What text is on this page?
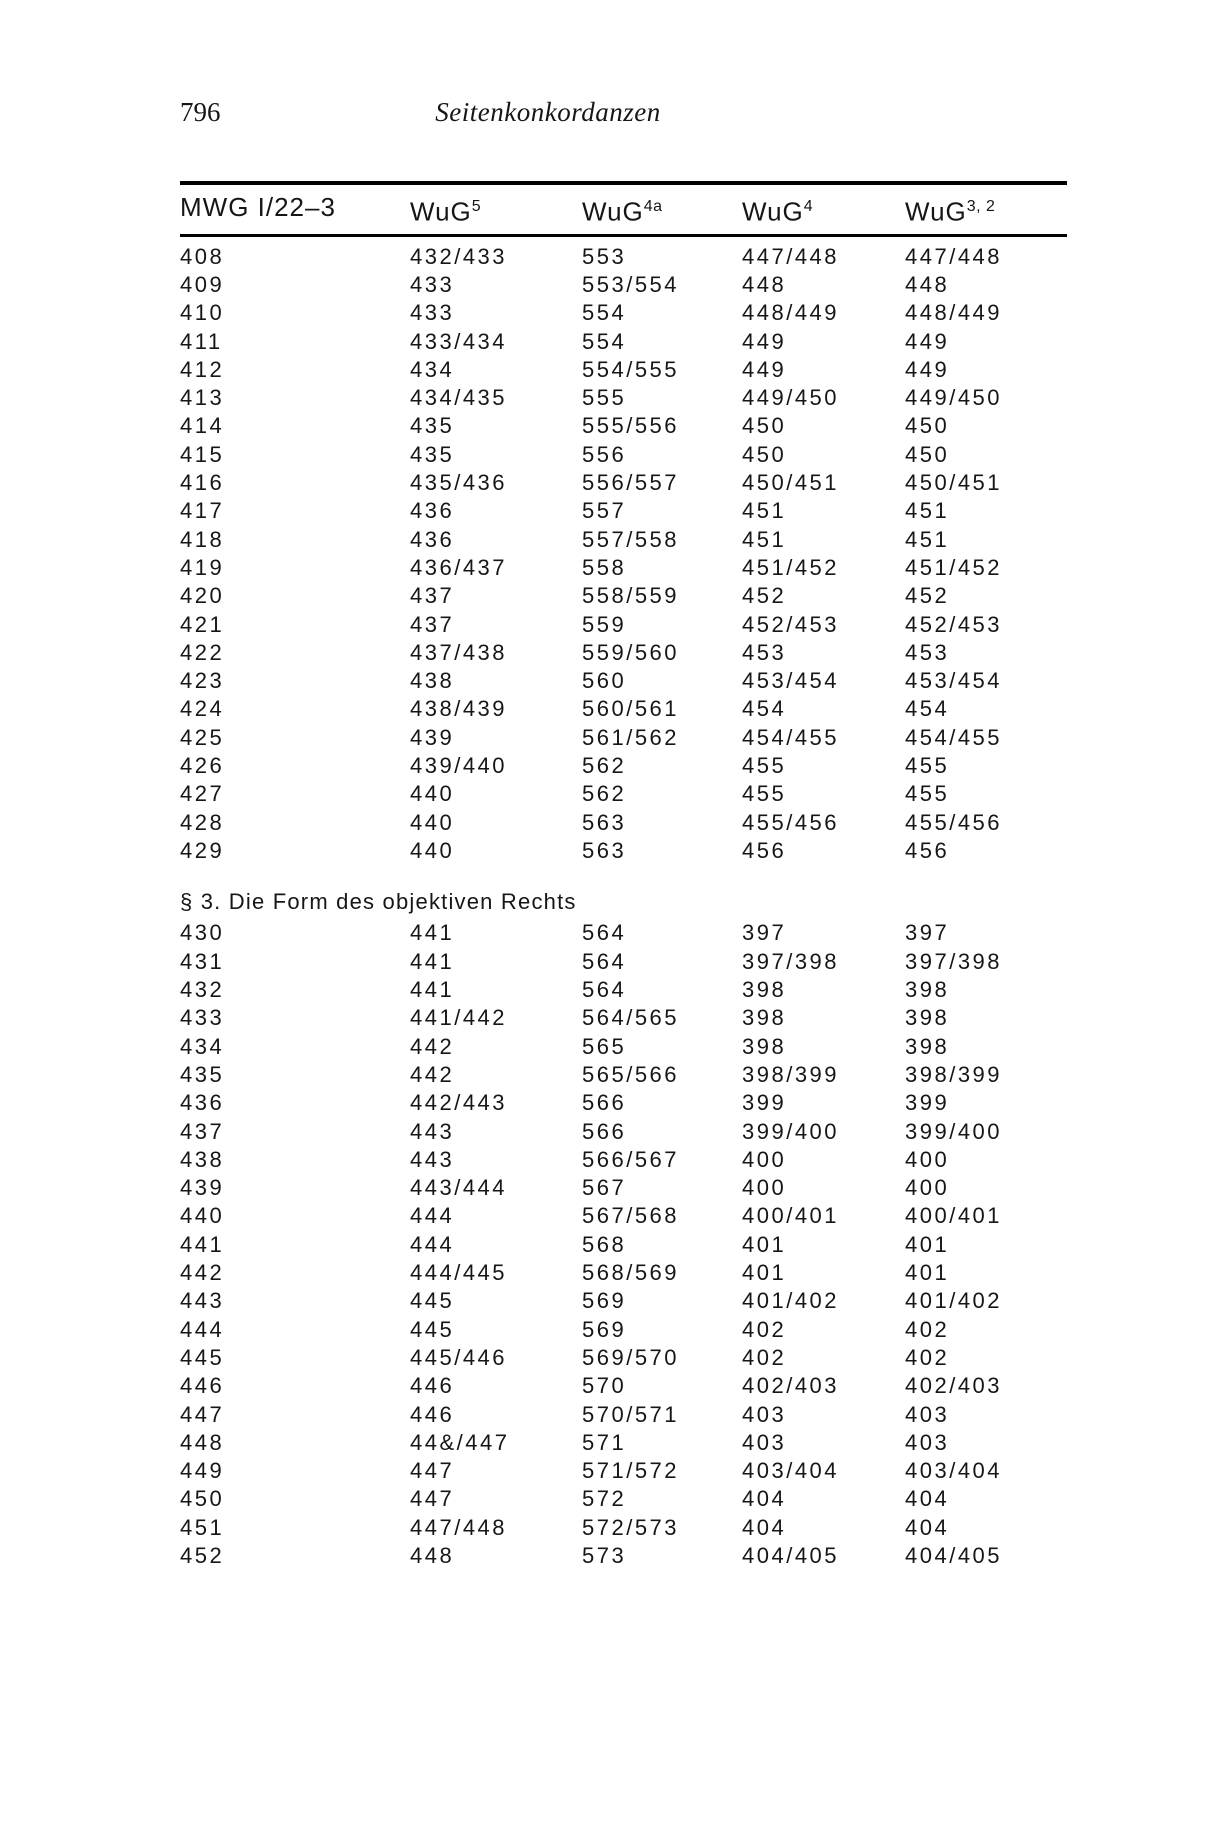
796	Seitenkonkordanzen
MWG I/22–3	WuG$^5$	WuG$^{4a}$	WuG$^4$	WuG$^{3, 2}$
408	432/433	553	447/448	447/448
409	433	553/554	448	448
410	433	554	448/449	448/449
411	433/434	554	449	449
412	434	554/555	449	449
413	434/435	555	449/450	449/450
414	435	555/556	450	450
415	435	556	450	450
416	435/436	556/557	450/451	450/451
417	436	557	451	451
418	436	557/558	451	451
419	436/437	558	451/452	451/452
420	437	558/559	452	452
421	437	559	452/453	452/453
422	437/438	559/560	453	453
423	438	560	453/454	453/454
424	438/439	560/561	454	454
425	439	561/562	454/455	454/455
426	439/440	562	455	455
427	440	562	455	455
428	440	563	455/456	455/456
429	440	563	456	456
§ 3. Die Form des objektiven Rechts
430	441	564	397	397
431	441	564	397/398	397/398
432	441	564	398	398
433	441/442	564/565	398	398
434	442	565	398	398
435	442	565/566	398/399	398/399
436	442/443	566	399	399
437	443	566	399/400	399/400
438	443	566/567	400	400
439	443/444	567	400	400
440	444	567/568	400/401	400/401
441	444	568	401	401
442	444/445	568/569	401	401
443	445	569	401/402	401/402
444	445	569	402	402
445	445/446	569/570	402	402
446	446	570	402/403	402/403
447	446	570/571	403	403
448	44&/447	571	403	403
449	447	571/572	403/404	403/404
450	447	572	404	404
451	447/448	572/573	404	404
452	448	573	404/405	404/405
